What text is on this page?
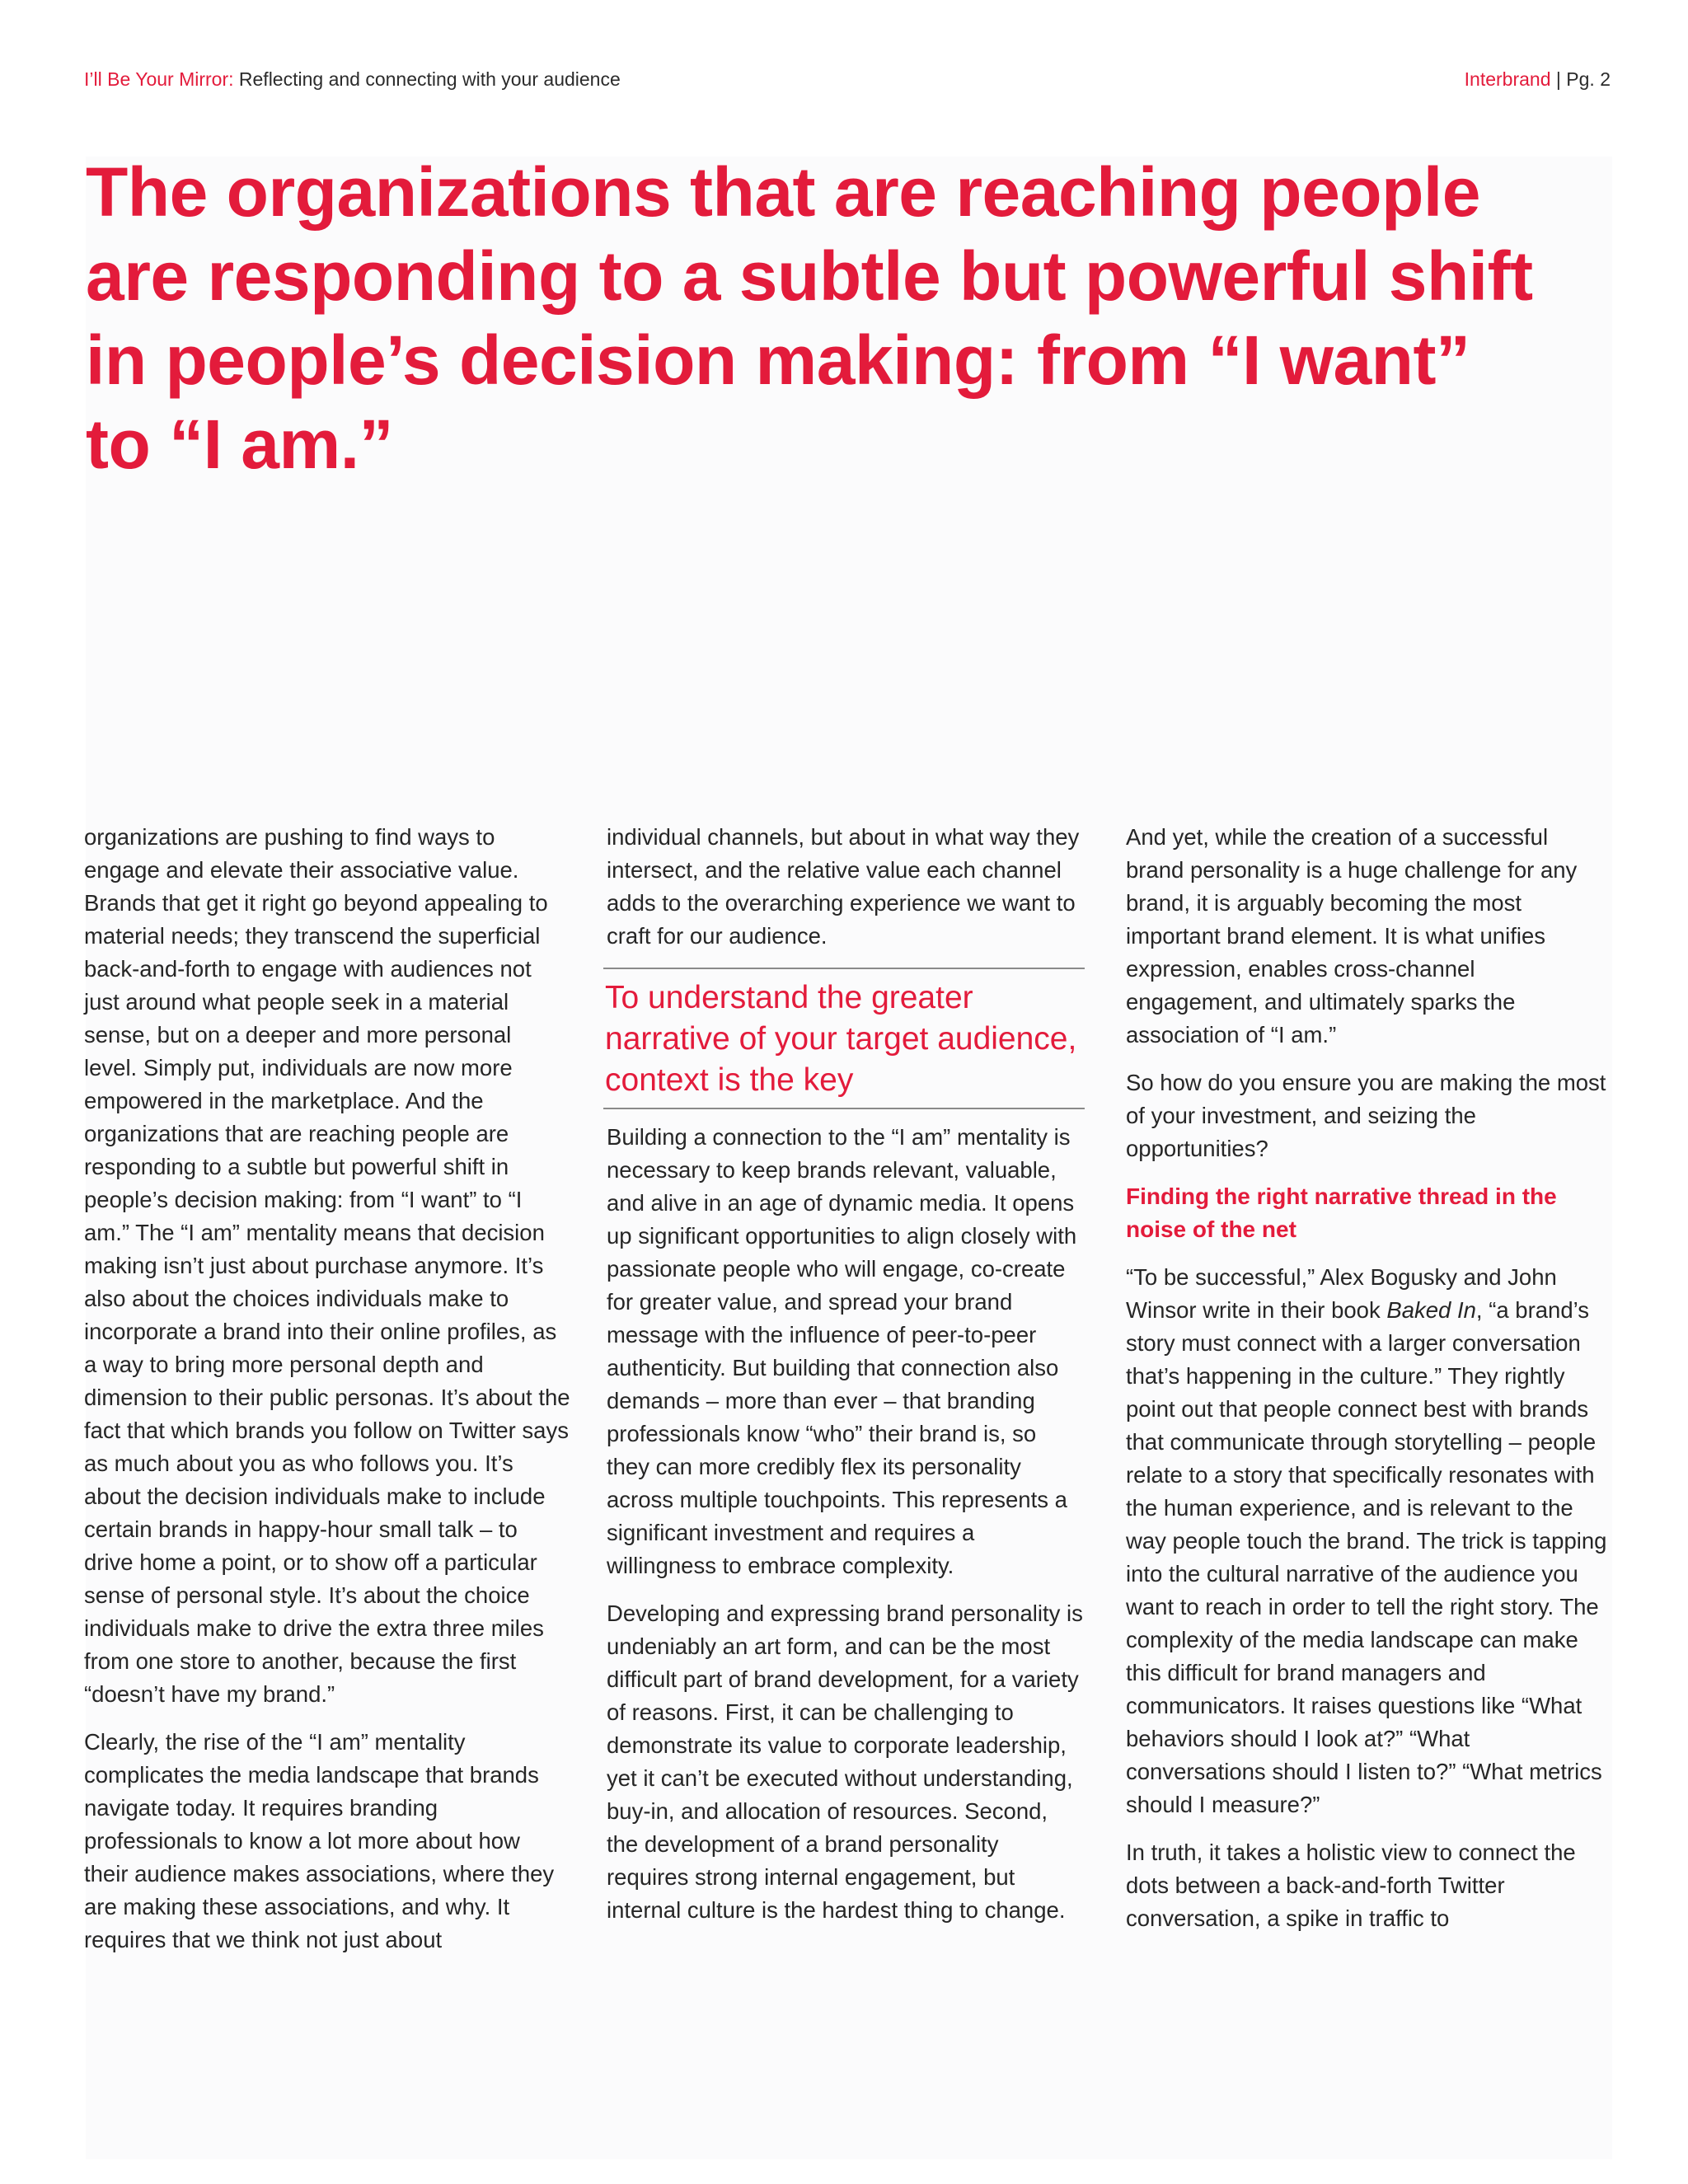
I’ll Be Your Mirror: Reflecting and connecting with your audience	Interbrand | Pg. 2
The organizations that are reaching people are responding to a subtle but powerful shift in people’s decision making: from “I want” to “I am.”

organizations are pushing to find ways to engage and elevate their associative value. Brands that get it right go beyond appealing to material needs; they transcend the superficial back-and-forth to engage with audiences not just around what people seek in a material sense, but on a deeper and more personal level. Simply put, individuals are now more empowered in the marketplace. And the organizations that are reaching people are responding to a subtle but powerful shift in people’s decision making: from “I want” to “I am.” The “I am” mentality means that decision making isn’t just about purchase anymore. It’s also about the choices individuals make to incorporate a brand into their online profiles, as a way to bring more personal depth and dimension to their public personas. It’s about the fact that which brands you follow on Twitter says as much about you as who follows you. It’s about the decision individuals make to include certain brands in happy-hour small talk – to drive home a point, or to show off a particular sense of personal style. It’s about the choice individuals make to drive the extra three miles from one store to another, because the first “doesn’t have my brand.”

Clearly, the rise of the “I am” mentality complicates the media landscape that brands navigate today. It requires branding professionals to know a lot more about how their audience makes associations, where they are making these associations, and why. It requires that we think not just about

individual channels, but about in what way they intersect, and the relative value each channel adds to the overarching experience we want to craft for our audience.

To understand the greater narrative of your target audience, context is the key

Building a connection to the “I am” mentality is necessary to keep brands relevant, valuable, and alive in an age of dynamic media. It opens up significant opportunities to align closely with passionate people who will engage, co-create for greater value, and spread your brand message with the influence of peer-to-peer authenticity. But building that connection also demands – more than ever – that branding professionals know “who” their brand is, so they can more credibly flex its personality across multiple touchpoints. This represents a significant investment and requires a willingness to embrace complexity.

Developing and expressing brand personality is undeniably an art form, and can be the most difficult part of brand development, for a variety of reasons. First, it can be challenging to demonstrate its value to corporate leadership, yet it can’t be executed without understanding, buy-in, and allocation of resources. Second, the development of a brand personality requires strong internal engagement, but internal culture is the hardest thing to change.

And yet, while the creation of a successful brand personality is a huge challenge for any brand, it is arguably becoming the most important brand element. It is what unifies expression, enables cross-channel engagement, and ultimately sparks the association of “I am.”

So how do you ensure you are making the most of your investment, and seizing the opportunities?

Finding the right narrative thread in the noise of the net

“To be successful,” Alex Bogusky and John Winsor write in their book Baked In, “a brand’s story must connect with a larger conversation that’s happening in the culture.” They rightly point out that people connect best with brands that communicate through storytelling – people relate to a story that specifically resonates with the human experience, and is relevant to the way people touch the brand. The trick is tapping into the cultural narrative of the audience you want to reach in order to tell the right story. The complexity of the media landscape can make this difficult for brand managers and communicators. It raises questions like “What behaviors should I look at?” “What conversations should I listen to?” “What metrics should I measure?”

In truth, it takes a holistic view to connect the dots between a back-and-forth Twitter conversation, a spike in traffic to
